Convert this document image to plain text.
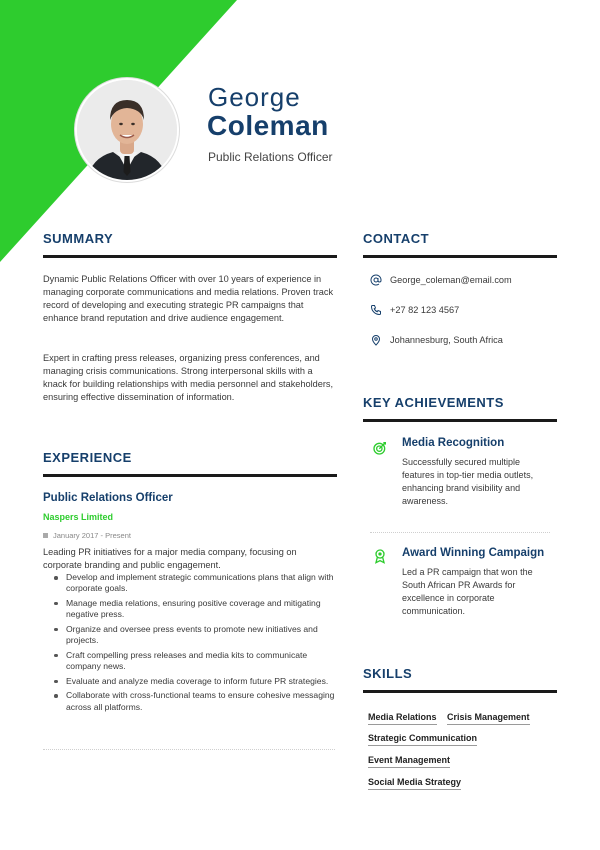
George
Coleman
Public Relations Officer
SUMMARY
Dynamic Public Relations Officer with over 10 years of experience in managing corporate communications and media relations. Proven track record of developing and executing strategic PR campaigns that enhance brand reputation and drive audience engagement.
Expert in crafting press releases, organizing press conferences, and managing crisis communications. Strong interpersonal skills with a knack for building relationships with media personnel and stakeholders, ensuring effective dissemination of information.
EXPERIENCE
Public Relations Officer
Naspers Limited
January 2017 - Present
Leading PR initiatives for a major media company, focusing on corporate branding and public engagement.
Develop and implement strategic communications plans that align with corporate goals.
Manage media relations, ensuring positive coverage and mitigating negative press.
Organize and oversee press events to promote new initiatives and projects.
Craft compelling press releases and media kits to communicate company news.
Evaluate and analyze media coverage to inform future PR strategies.
Collaborate with cross-functional teams to ensure cohesive messaging across all platforms.
CONTACT
George_coleman@email.com
+27 82 123 4567
Johannesburg, South Africa
KEY ACHIEVEMENTS
Media Recognition
Successfully secured multiple features in top-tier media outlets, enhancing brand visibility and awareness.
Award Winning Campaign
Led a PR campaign that won the South African PR Awards for excellence in corporate communication.
SKILLS
Media Relations Crisis Management
Strategic Communication
Event Management
Social Media Strategy
